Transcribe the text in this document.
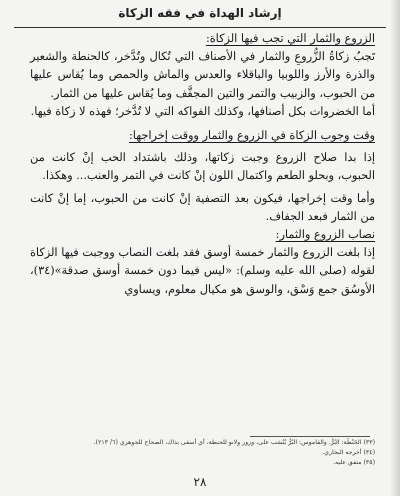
إرشاد الهداة في فقه الزكاة

الزروع والثمار التي تجب فيها الزكاة:

تَجبُ زكاةُ الزُّروعِ والثمار في الأصناف التي تُكال وتُدَّخر، كالحنطة والشعير والذرة والأرز واللوبيا والباقلاء والعدس والماش والحمص وما يُقاس عليها من الحبوب، والزبيب والتمر والتين المجفَّف وما يُقاس عليها من الثمار.

أما الخضروات بكل أصنافها، وكذلك الفواكه التي لا تُدَّخر؛ فهذه لا زكاة فيها.

وقت وجوب الزكاة في الزروع والثمار ووقت إخراجها:

إذا بدا صلاح الزروع وجبت زكاتها، وذلك باشتداد الحب إنْ كانت من الحبوب، وبحلو الطعم واكتمال اللون إنْ كانت في التمر والعنب... وهكذا.

وأما وقت إخراجها، فيكون بعد التصفية إنْ كانت من الحبوب، إما إنْ كانت من الثمار فبعد الجفاف.

نصاب الزروع والثمار:

إذا بلغت الزروع والثمار خمسة أوسق فقد بلغت النصاب ووجبت فيها الزكاة لقوله (صلى الله عليه وسلم): «ليس فيما دون خمسة أوسق صدقة»(٣٤)، الأوسُق جمع وَسْق، والوسق هو مكيال معلوم، ويساوي

(٣٣) الحَنْطَة: البُرُّ. والقاموس: البُرُّ يُنْسَب على، ورور ولانو للحنطة، أي أسقى بذاك، الصحاح للجوهري (٦/ ٢١٣).

(٣٤) أخرجه البخاري.

(٣٥) متفق عليه.

٢٨
